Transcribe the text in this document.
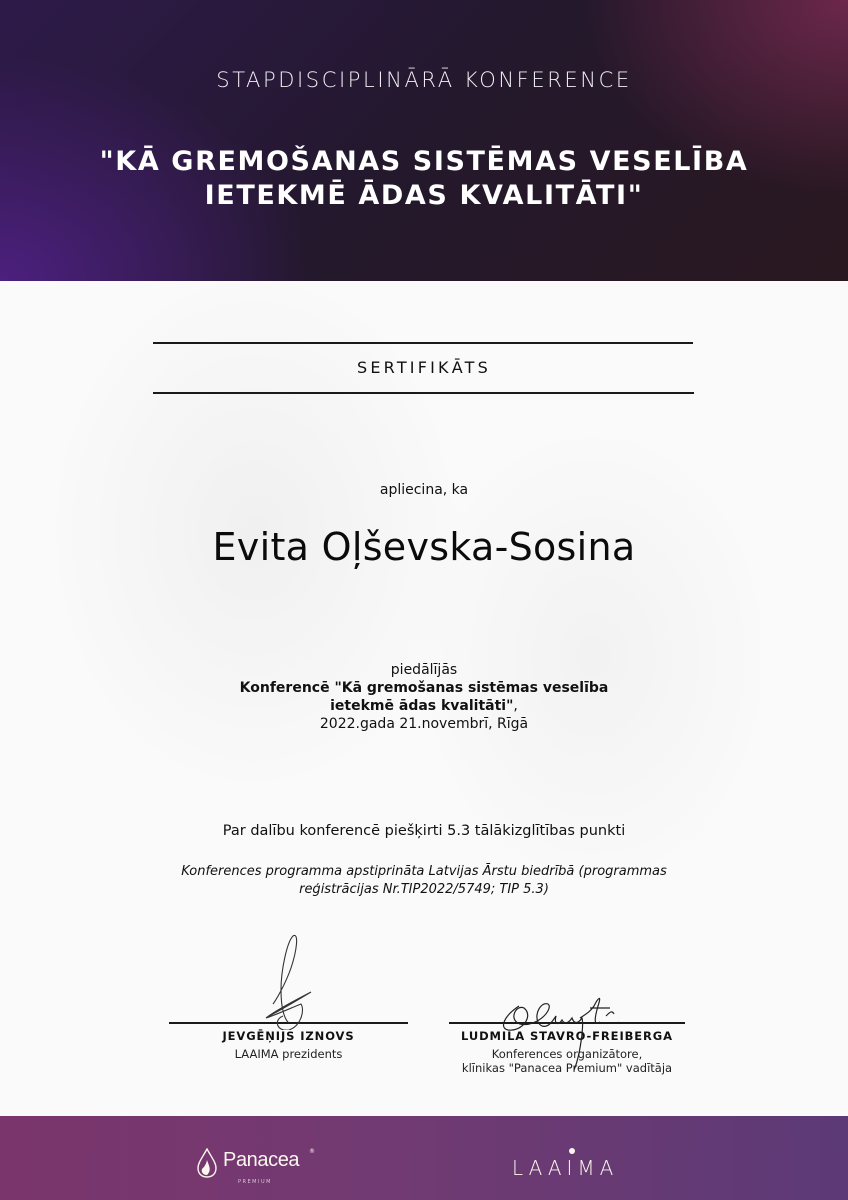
STAPDISCIPLINĀRĀ KONFERENCE
"KĀ GREMOŠANAS SISTĒMAS VESELĪBA
IETEKMĒ ĀDAS KVALITĀTI"
SERTIFIKĀTS
apliecina, ka
Evita Oļševska-Sosina
piedālījās
Konferencē "Kā gremošanas sistēmas veselība
ietekmē ādas kvalitāti",
2022.gada 21.novembrī, Rīgā
Par dalību konferencē piešķirti 5.3 tālākizglītības punkti
Konferences programma apstiprināta Latvijas Ārstu biedrībā (programmas
reģistrācijas Nr.TIP2022/5749; TIP 5.3)
JEVGĒŅIJS IZNOVS
LAAIMA prezidents
LUDMILA STAVRO-FREIBERGA
Konferences organizātore,
klīnikas "Panacea Premium" vadītāja
Panacea ®
PREMIUM
LAAIMA
